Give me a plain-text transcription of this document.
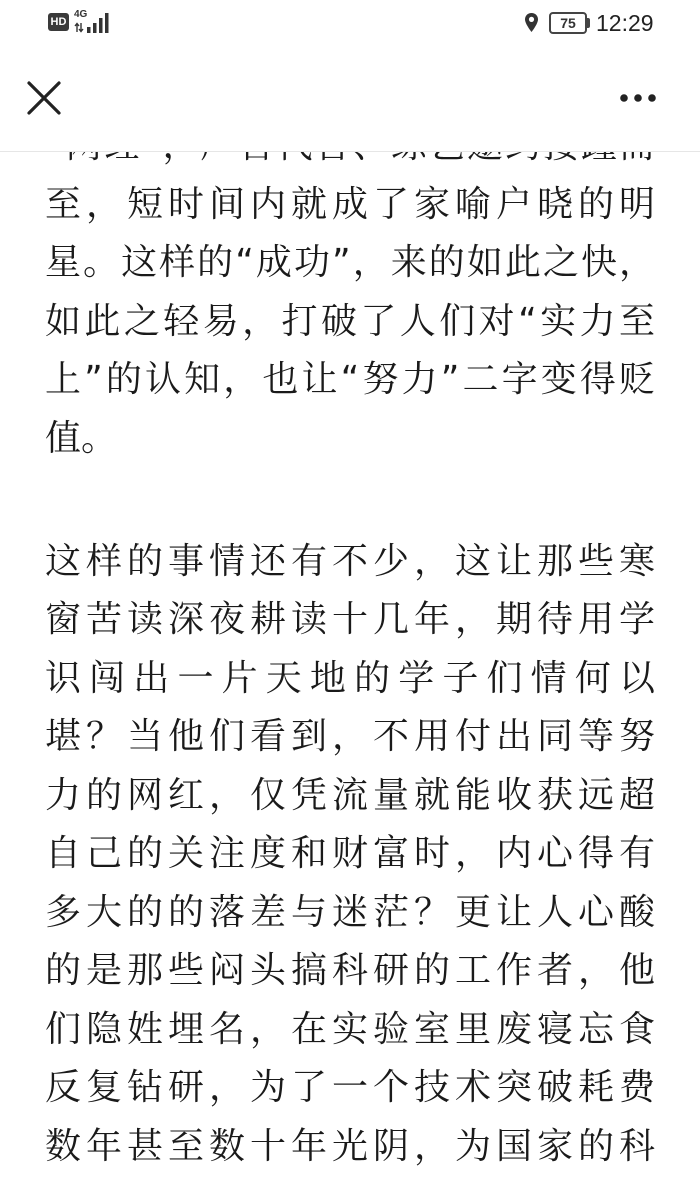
HD
4G
75 12:29
至，短时间内就成了家喻户晓的明
星。这样的“成功”，来的如此之快，
如此之轻易，打破了人们对“实力至
上”的认知，也让“努力”二字变得贬
值。
这样的事情还有不少，这让那些寒
窗苦读深夜耕读十几年，期待用学
识闯出一片天地的学子们情何以
堪？当他们看到，不用付出同等努
力的网红，仅凭流量就能收获远超
自己的关注度和财富时，内心得有
多大的的落差与迷茫？更让人心酸
的是那些闷头搞科研的工作者，他
们隐姓埋名，在实验室里废寝忘食
反复钻研，为了一个技术突破耗费
数年甚至数十年光阴，为国家的科
